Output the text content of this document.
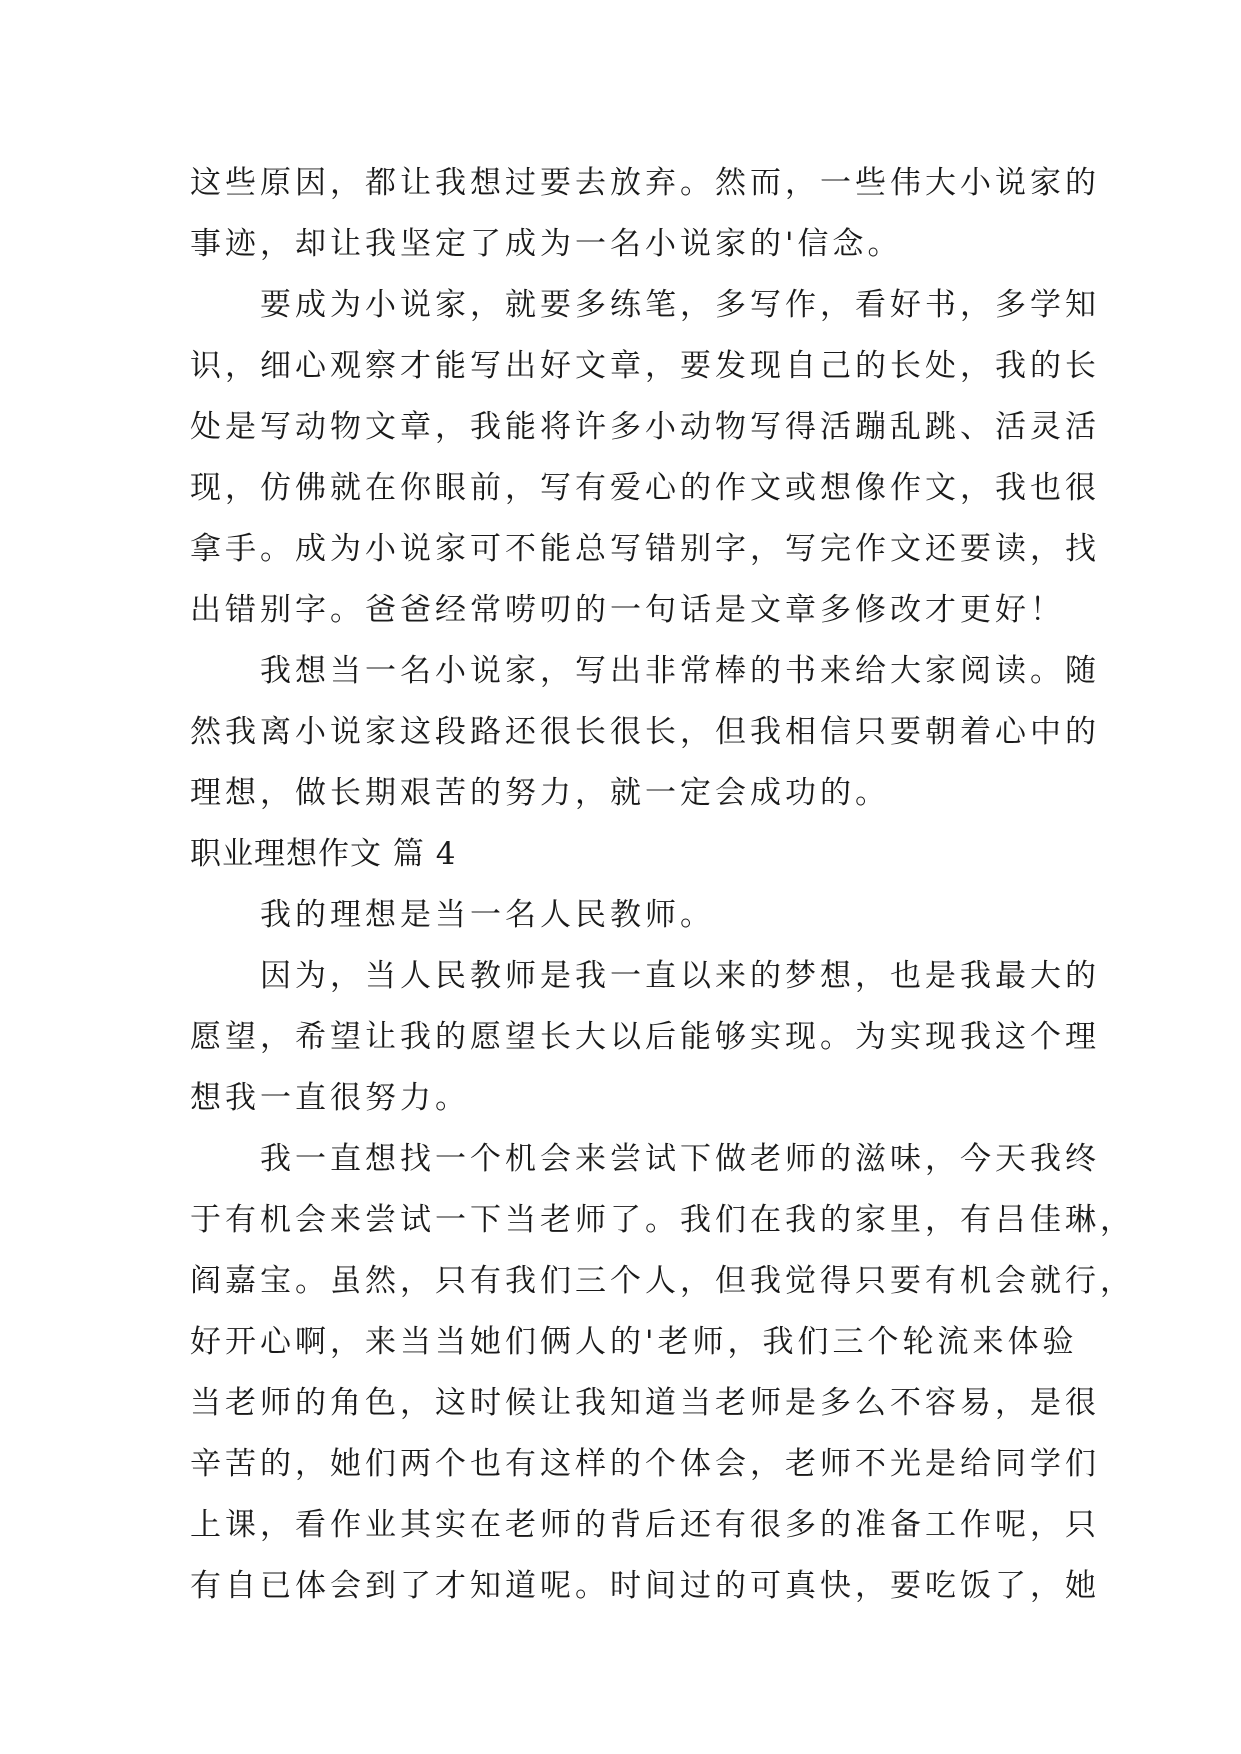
这些原因，都让我想过要去放弃。然而，一些伟大小说家的
事迹，却让我坚定了成为一名小说家的'信念。
要成为小说家，就要多练笔，多写作，看好书，多学知
识，细心观察才能写出好文章，要发现自己的长处，我的长
处是写动物文章，我能将许多小动物写得活蹦乱跳、活灵活
现，仿佛就在你眼前，写有爱心的作文或想像作文，我也很
拿手。成为小说家可不能总写错别字，写完作文还要读，找
出错别字。爸爸经常唠叨的一句话是文章多修改才更好！
我想当一名小说家，写出非常棒的书来给大家阅读。随
然我离小说家这段路还很长很长，但我相信只要朝着心中的
理想，做长期艰苦的努力，就一定会成功的。
职业理想作文 篇 4
我的理想是当一名人民教师。
因为，当人民教师是我一直以来的梦想，也是我最大的
愿望，希望让我的愿望长大以后能够实现。为实现我这个理
想我一直很努力。
我一直想找一个机会来尝试下做老师的滋味，今天我终
于有机会来尝试一下当老师了。我们在我的家里，有吕佳琳，
阎嘉宝。虽然，只有我们三个人，但我觉得只要有机会就行，
好开心啊，来当当她们俩人的'老师，我们三个轮流来体验
当老师的角色，这时候让我知道当老师是多么不容易，是很
辛苦的，她们两个也有这样的个体会，老师不光是给同学们
上课，看作业其实在老师的背后还有很多的准备工作呢，只
有自已体会到了才知道呢。时间过的可真快，要吃饭了，她
